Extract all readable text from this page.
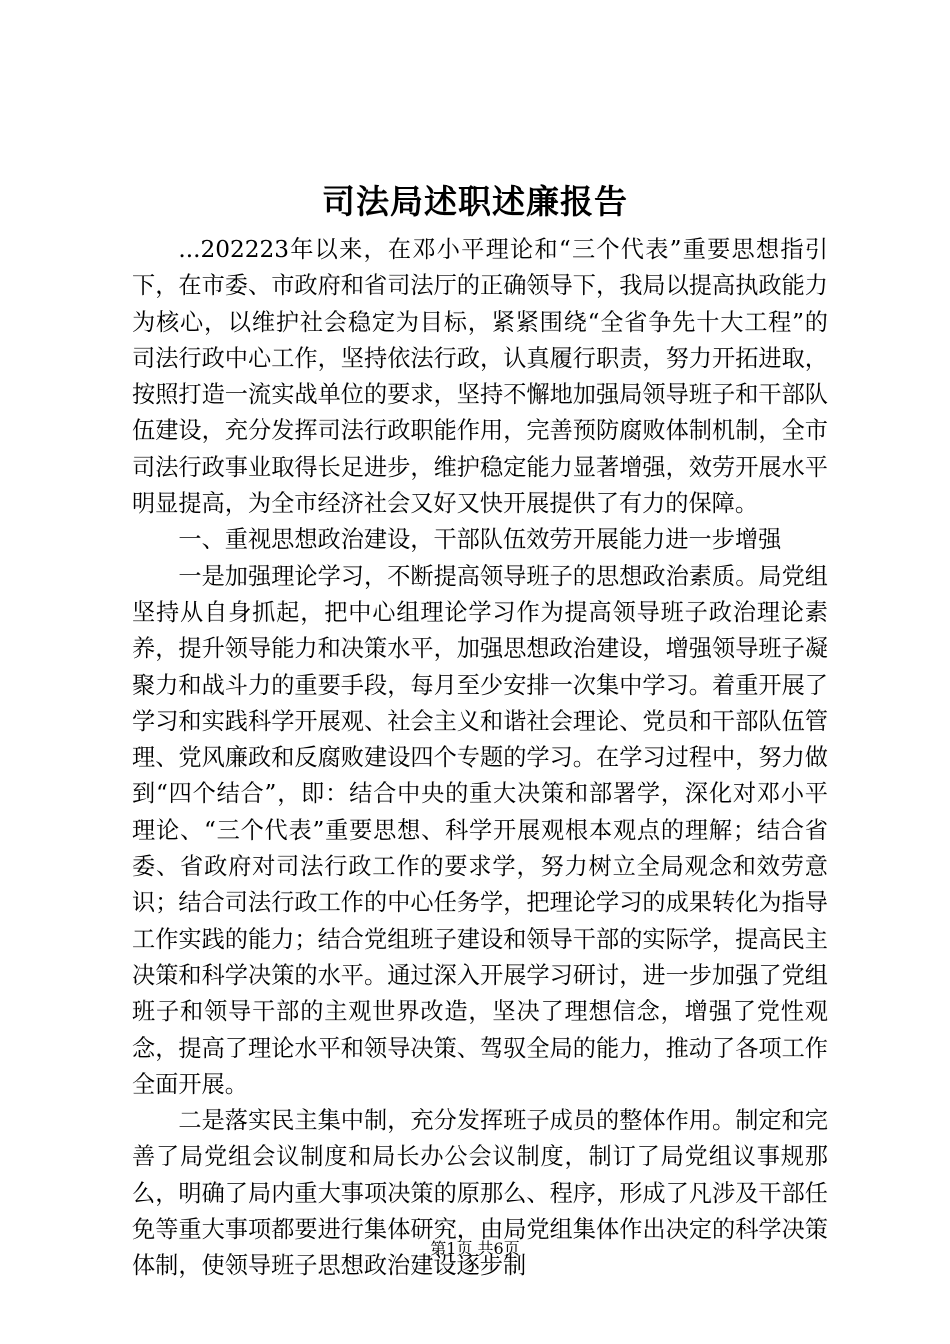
司法局述职述廉报告

...202223年以来，在邓小平理论和“三个代表”重要思想指引下，在市委、市政府和省司法厅的正确领导下，我局以提高执政能力为核心，以维护社会稳定为目标，紧紧围绕“全省争先十大工程”的司法行政中心工作，坚持依法行政，认真履行职责，努力开拓进取，按照打造一流实战单位的要求，坚持不懈地加强局领导班子和干部队伍建设，充分发挥司法行政职能作用，完善预防腐败体制机制，全市司法行政事业取得长足进步，维护稳定能力显著增强，效劳开展水平明显提高，为全市经济社会又好又快开展提供了有力的保障。

一、重视思想政治建设，干部队伍效劳开展能力进一步增强

一是加强理论学习，不断提高领导班子的思想政治素质。局党组坚持从自身抓起，把中心组理论学习作为提高领导班子政治理论素养，提升领导能力和决策水平，加强思想政治建设，增强领导班子凝聚力和战斗力的重要手段，每月至少安排一次集中学习。着重开展了学习和实践科学开展观、社会主义和谐社会理论、党员和干部队伍管理、党风廉政和反腐败建设四个专题的学习。在学习过程中，努力做到“四个结合”，即：结合中央的重大决策和部署学，深化对邓小平理论、“三个代表”重要思想、科学开展观根本观点的理解；结合省委、省政府对司法行政工作的要求学，努力树立全局观念和效劳意识；结合司法行政工作的中心任务学，把理论学习的成果转化为指导工作实践的能力；结合党组班子建设和领导干部的实际学，提高民主决策和科学决策的水平。通过深入开展学习研讨，进一步加强了党组班子和领导干部的主观世界改造，坚决了理想信念，增强了党性观念，提高了理论水平和领导决策、驾驭全局的能力，推动了各项工作全面开展。

二是落实民主集中制，充分发挥班子成员的整体作用。制定和完善了局党组会议制度和局长办公会议制度，制订了局党组议事规那么，明确了局内重大事项决策的原那么、程序，形成了凡涉及干部任免等重大事项都要进行集体研究，由局党组集体作出决定的科学决策体制，使领导班子思想政治建设逐步制

第1页 共6页
